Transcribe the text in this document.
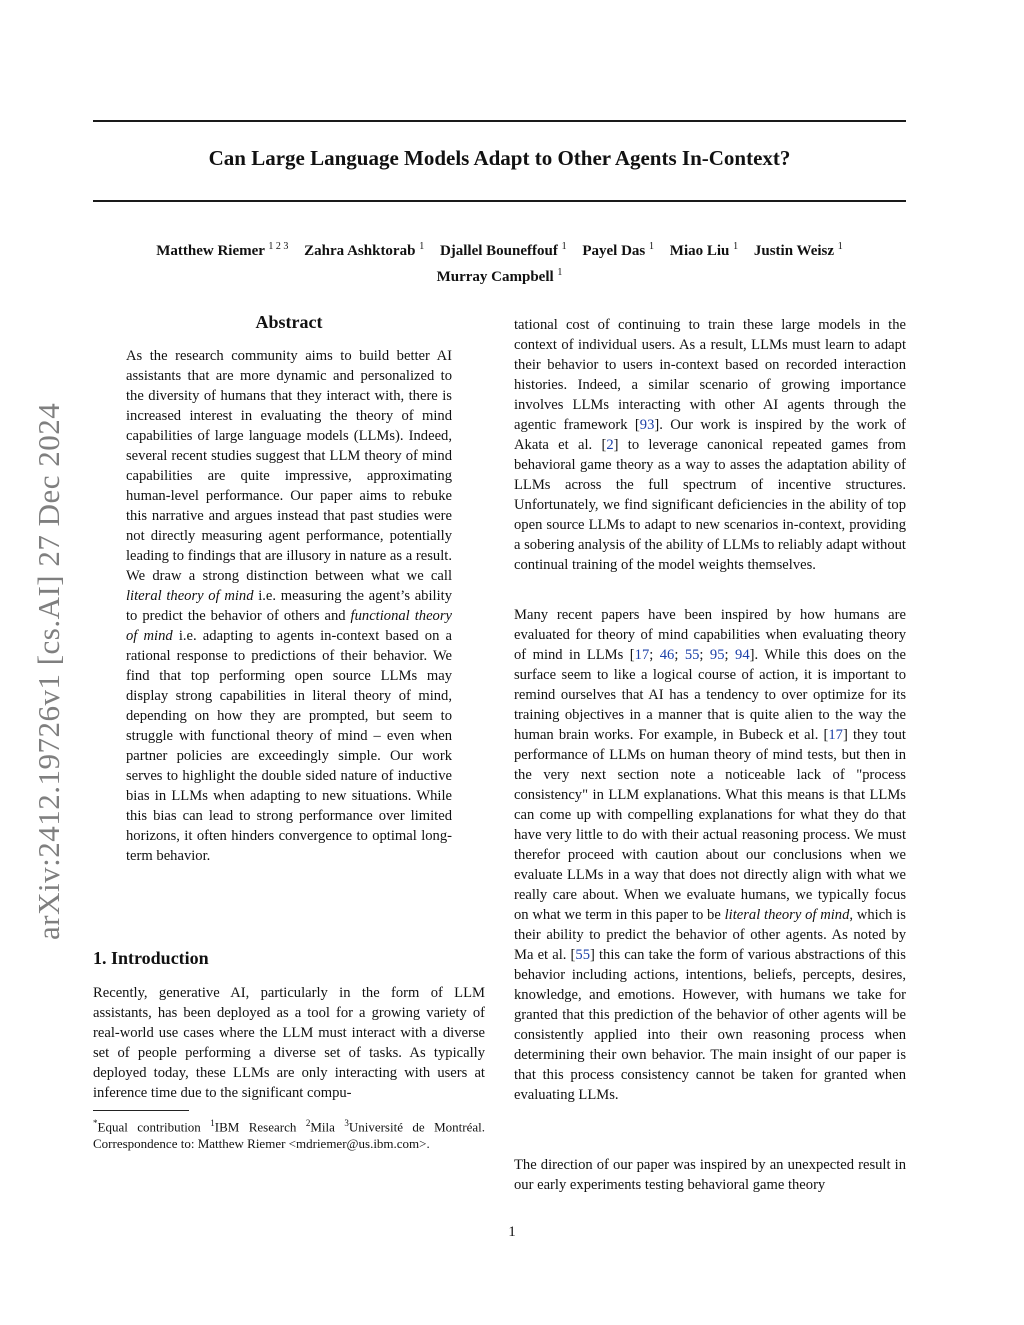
Can Large Language Models Adapt to Other Agents In-Context?
Matthew Riemer $^{1 2 3}$ Zahra Ashktorab $^1$ Djallel Bouneffouf $^1$ Payel Das $^1$ Miao Liu $^1$ Justin Weisz $^1$
Murray Campbell $^1$
arXiv:2412.19726v1 [cs.AI] 27 Dec 2024
Abstract

As the research community aims to build better AI assistants that are more dynamic and personalized to the diversity of humans that they interact with, there is increased interest in evaluating the theory of mind capabilities of large language models (LLMs). Indeed, several recent studies suggest that LLM theory of mind capabilities are quite impressive, approximating human-level performance. Our paper aims to rebuke this narrative and argues instead that past studies were not directly measuring agent performance, potentially leading to findings that are illusory in nature as a result. We draw a strong distinction between what we call literal theory of mind i.e. measuring the agent’s ability to predict the behavior of others and functional theory of mind i.e. adapting to agents in-context based on a rational response to predictions of their behavior. We find that top performing open source LLMs may display strong capabilities in literal theory of mind, depending on how they are prompted, but seem to struggle with functional theory of mind – even when partner policies are exceedingly simple. Our work serves to highlight the double sided nature of inductive bias in LLMs when adapting to new situations. While this bias can lead to strong performance over limited horizons, it often hinders convergence to optimal long-term behavior.

1. Introduction

Recently, generative AI, particularly in the form of LLM assistants, has been deployed as a tool for a growing variety of real-world use cases where the LLM must interact with a diverse set of people performing a diverse set of tasks. As typically deployed today, these LLMs are only interacting with users at inference time due to the significant compu-

*Equal contribution $^1$IBM Research $^2$Mila $^3$Université de Montréal. Correspondence to: Matthew Riemer <mdriemer@us.ibm.com>.

tational cost of continuing to train these large models in the context of individual users. As a result, LLMs must learn to adapt their behavior to users in-context based on recorded interaction histories. Indeed, a similar scenario of growing importance involves LLMs interacting with other AI agents through the agentic framework [93]. Our work is inspired by the work of Akata et al. [2] to leverage canonical repeated games from behavioral game theory as a way to asses the adaptation ability of LLMs across the full spectrum of incentive structures. Unfortunately, we find significant deficiencies in the ability of top open source LLMs to adapt to new scenarios in-context, providing a sobering analysis of the ability of LLMs to reliably adapt without continual training of the model weights themselves.

Many recent papers have been inspired by how humans are evaluated for theory of mind capabilities when evaluating theory of mind in LLMs [17; 46; 55; 95; 94]. While this does on the surface seem to like a logical course of action, it is important to remind ourselves that AI has a tendency to over optimize for its training objectives in a manner that is quite alien to the way the human brain works. For example, in Bubeck et al. [17] they tout performance of LLMs on human theory of mind tests, but then in the very next section note a noticeable lack of "process consistency" in LLM explanations. What this means is that LLMs can come up with compelling explanations for what they do that have very little to do with their actual reasoning process. We must therefor proceed with caution about our conclusions when we evaluate LLMs in a way that does not directly align with what we really care about. When we evaluate humans, we typically focus on what we term in this paper to be literal theory of mind, which is their ability to predict the behavior of other agents. As noted by Ma et al. [55] this can take the form of various abstractions of this behavior including actions, intentions, beliefs, percepts, desires, knowledge, and emotions. However, with humans we take for granted that this prediction of the behavior of other agents will be consistently applied into their own reasoning process when determining their own behavior. The main insight of our paper is that this process consistency cannot be taken for granted when evaluating LLMs.

The direction of our paper was inspired by an unexpected result in our early experiments testing behavioral game theory

1
